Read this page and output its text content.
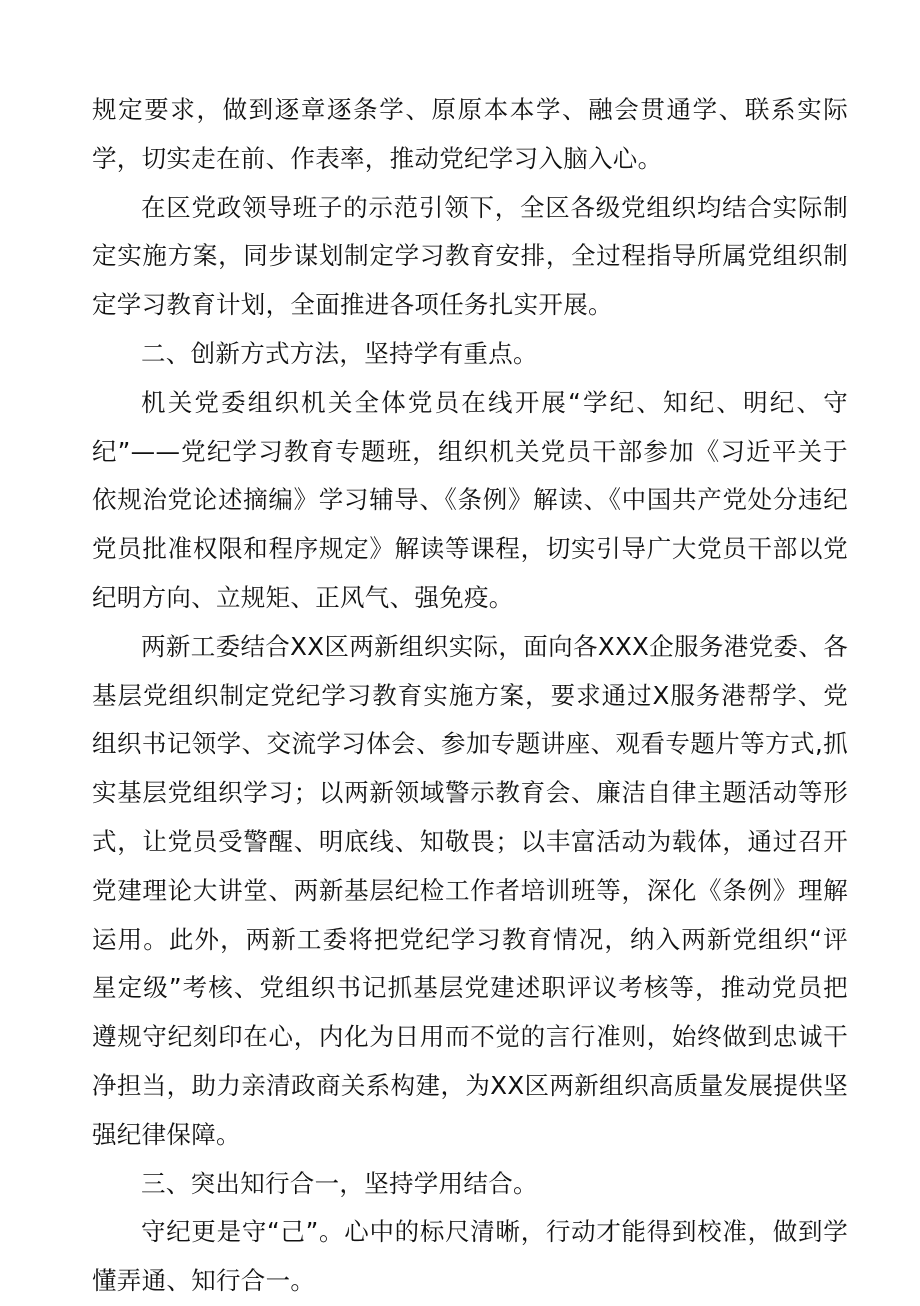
规定要求，做到逐章逐条学、原原本本学、融会贯通学、联系实际学，切实走在前、作表率，推动党纪学习入脑入心。

在区党政领导班子的示范引领下，全区各级党组织均结合实际制定实施方案，同步谋划制定学习教育安排，全过程指导所属党组织制定学习教育计划，全面推进各项任务扎实开展。

二、创新方式方法，坚持学有重点。

机关党委组织机关全体党员在线开展“学纪、知纪、明纪、守纪”——党纪学习教育专题班，组织机关党员干部参加《习近平关于依规治党论述摘编》学习辅导、《条例》解读、《中国共产党处分违纪党员批准权限和程序规定》解读等课程，切实引导广大党员干部以党纪明方向、立规矩、正风气、强免疫。

两新工委结合XX区两新组织实际，面向各XXX企服务港党委、各基层党组织制定党纪学习教育实施方案，要求通过X服务港帮学、党组织书记领学、交流学习体会、参加专题讲座、观看专题片等方式,抓实基层党组织学习；以两新领域警示教育会、廉洁自律主题活动等形式，让党员受警醒、明底线、知敬畏；以丰富活动为载体，通过召开党建理论大讲堂、两新基层纪检工作者培训班等，深化《条例》理解运用。此外，两新工委将把党纪学习教育情况，纳入两新党组织“评星定级”考核、党组织书记抓基层党建述职评议考核等，推动党员把遵规守纪刻印在心，内化为日用而不觉的言行准则，始终做到忠诚干净担当，助力亲清政商关系构建，为XX区两新组织高质量发展提供坚强纪律保障。

三、突出知行合一，坚持学用结合。

守纪更是守“己”。心中的标尺清晰，行动才能得到校准，做到学懂弄通、知行合一。
